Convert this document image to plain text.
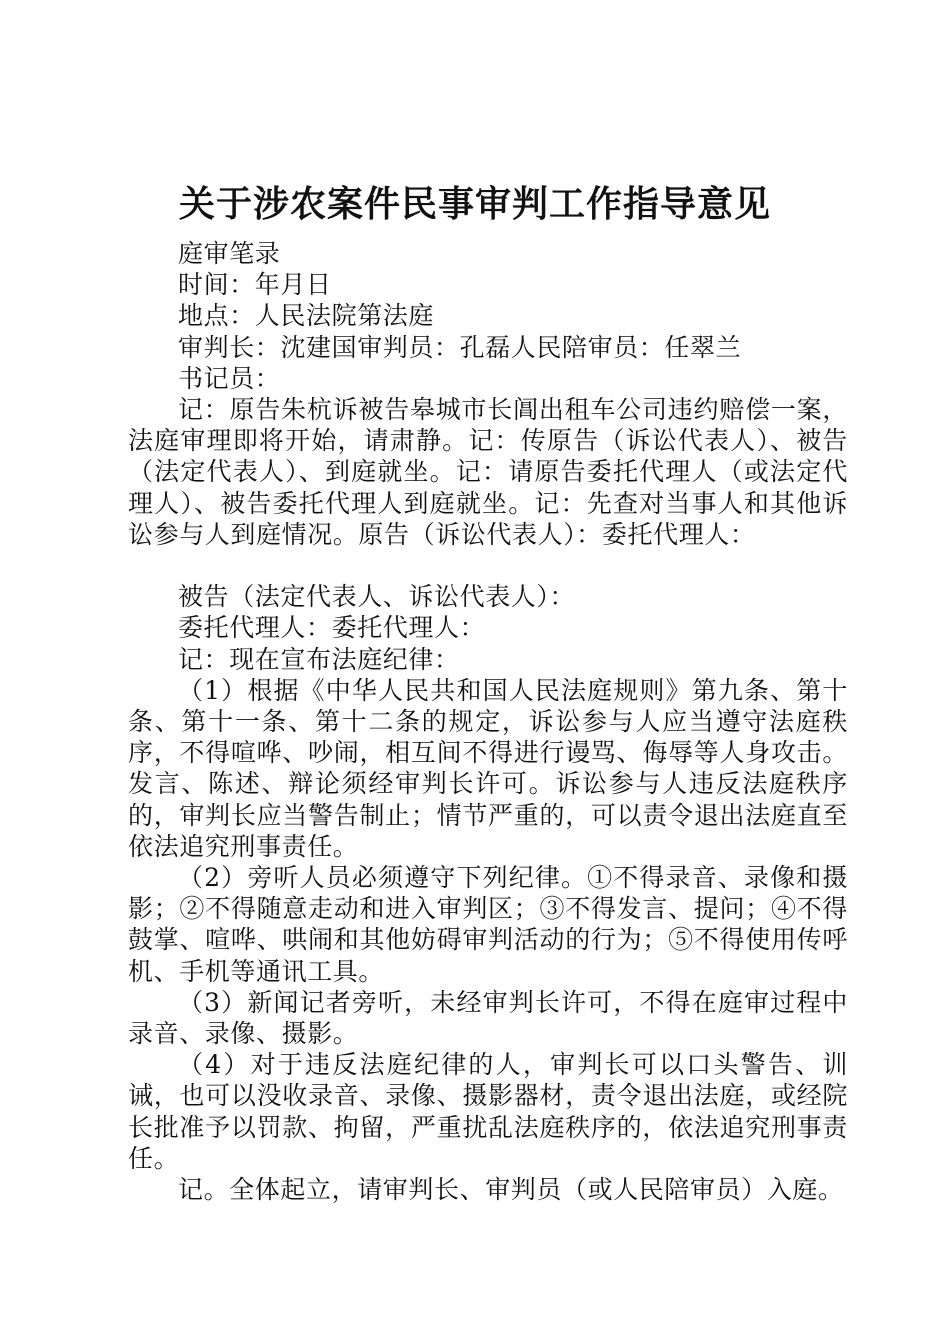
关于涉农案件民事审判工作指导意见

庭审笔录

时间：年月日

地点：人民法院第法庭

审判长：沈建国审判员：孔磊人民陪审员：任翠兰

书记员：

记：原告朱杭诉被告皋城市长阊出租车公司违约赔偿一案，法庭审理即将开始，请肃静。记：传原告（诉讼代表人）、被告（法定代表人）、到庭就坐。记：请原告委托代理人（或法定代理人）、被告委托代理人到庭就坐。记：先查对当事人和其他诉讼参与人到庭情况。原告（诉讼代表人）：委托代理人：

被告（法定代表人、诉讼代表人）：

委托代理人：委托代理人：

记：现在宣布法庭纪律：

（1）根据《中华人民共和国人民法庭规则》第九条、第十条、第十一条、第十二条的规定，诉讼参与人应当遵守法庭秩序，不得喧哗、吵闹，相互间不得进行谩骂、侮辱等人身攻击。发言、陈述、辩论须经审判长许可。诉讼参与人违反法庭秩序的，审判长应当警告制止；情节严重的，可以责令退出法庭直至依法追究刑事责任。

（2）旁听人员必须遵守下列纪律。①不得录音、录像和摄影；②不得随意走动和进入审判区；③不得发言、提问；④不得鼓掌、喧哗、哄闹和其他妨碍审判活动的行为；⑤不得使用传呼机、手机等通讯工具。

（3）新闻记者旁听，未经审判长许可，不得在庭审过程中录音、录像、摄影。

（4）对于违反法庭纪律的人，审判长可以口头警告、训诫，也可以没收录音、录像、摄影器材，责令退出法庭，或经院长批准予以罚款、拘留，严重扰乱法庭秩序的，依法追究刑事责任。

记。全体起立，请审判长、审判员（或人民陪审员）入庭。
